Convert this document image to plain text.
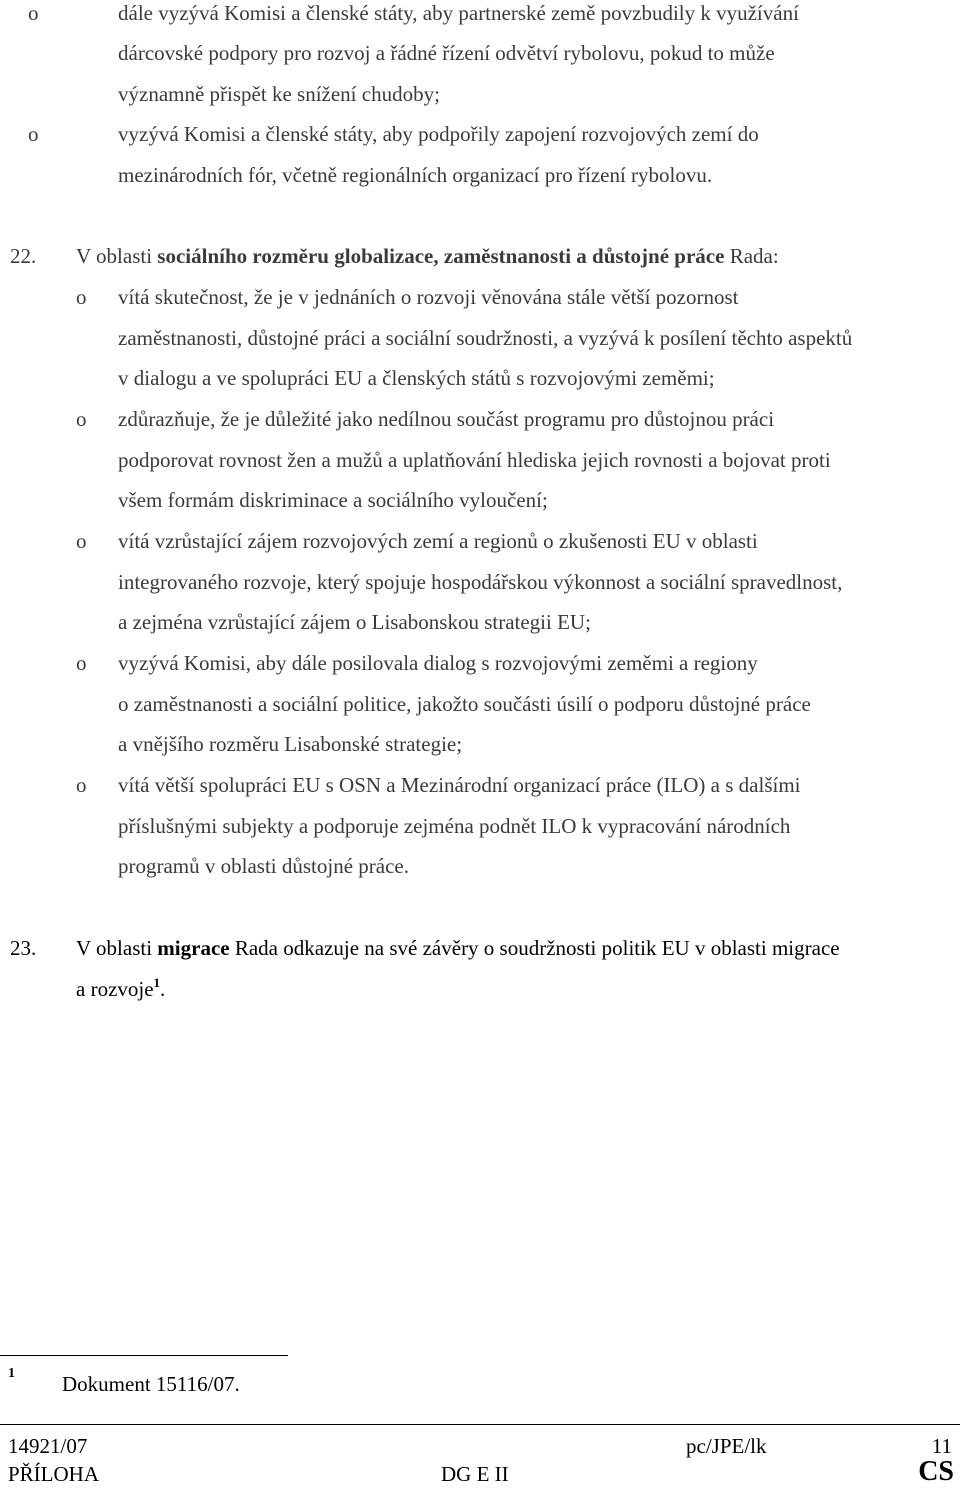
o	dále vyzývá Komisi a členské státy, aby partnerské země povzbudily k využívání
dárcovské podpory pro rozvoj a řádné řízení odvětví rybolovu, pokud to může
významně přispět ke snížení chudoby;
o	vyzývá Komisi a členské státy, aby podpořily zapojení rozvojových zemí do
mezinárodních fór, včetně regionálních organizací pro řízení rybolovu.
22. V oblasti sociálního rozměru globalizace, zaměstnanosti a důstojné práce Rada:
o vítá skutečnost, že je v jednáních o rozvoji věnována stále větší pozornost
zaměstnanosti, důstojné práci a sociální soudržnosti, a vyzývá k posílení těchto aspektů
v dialogu a ve spolupráci EU a členských států s rozvojovými zeměmi;
o zdůrazňuje, že je důležité jako nedílnou součást programu pro důstojnou práci
podporovat rovnost žen a mužů a uplatňování hlediska jejich rovnosti a bojovat proti
všem formám diskriminace a sociálního vyloučení;
o vítá vzrůstající zájem rozvojových zemí a regionů o zkušenosti EU v oblasti
integrovaného rozvoje, který spojuje hospodářskou výkonnost a sociální spravedlnost,
a zejména vzrůstající zájem o Lisabonskou strategii EU;
o vyzývá Komisi, aby dále posilovala dialog s rozvojovými zeměmi a regiony
o zaměstnanosti a sociální politice, jakožto součásti úsilí o podporu důstojné práce
a vnějšího rozměru Lisabonské strategie;
o vítá větší spolupráci EU s OSN a Mezinárodní organizací práce (ILO) a s dalšími
příslušnými subjekty a podporuje zejména podnět ILO k vypracování národních
programů v oblasti důstojné práce.
23. V oblasti migrace Rada odkazuje na své závěry o soudržnosti politik EU v oblasti migrace
a rozvoje$^1$.
1 Dokument 15116/07.
14921/07	pc/JPE/lk	11
PŘÍLOHA	DG E II	CS
